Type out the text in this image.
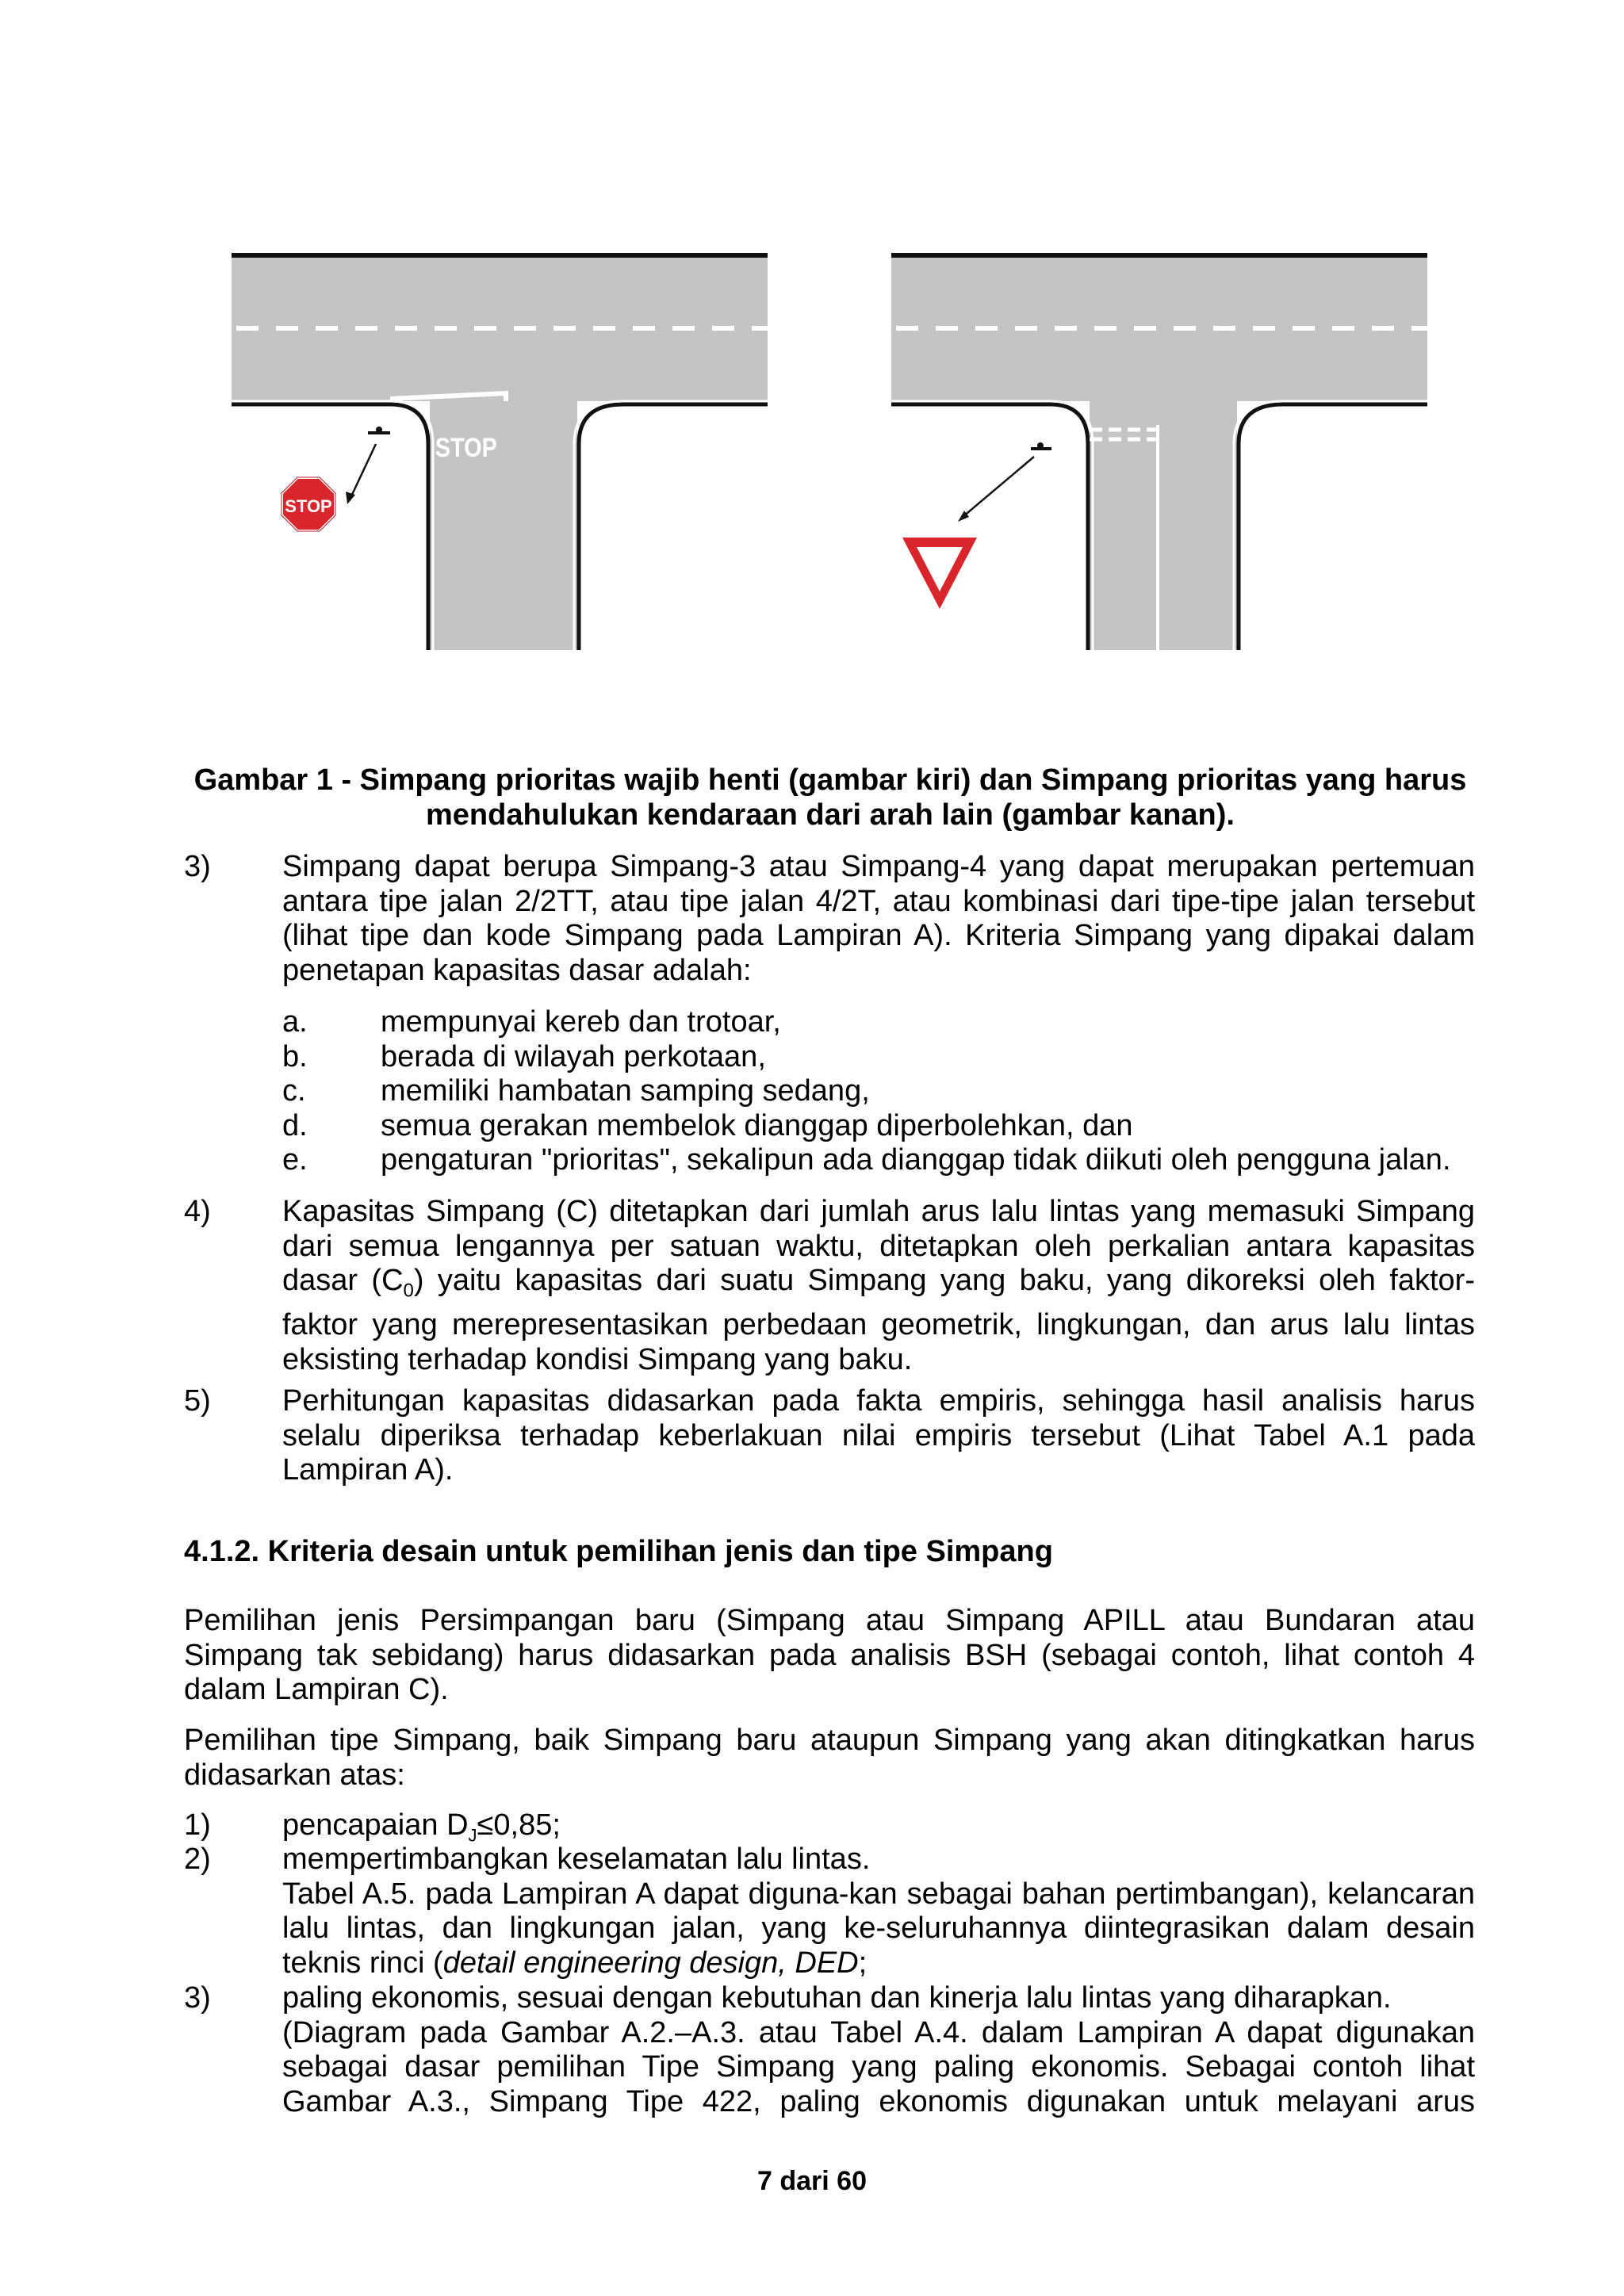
STOP
STOP
Gambar 1 - Simpang prioritas wajib henti (gambar kiri) dan Simpang prioritas yang harus
mendahulukan kendaraan dari arah lain (gambar kanan).
3) Simpang dapat berupa Simpang-3 atau Simpang-4 yang dapat merupakan pertemuan
antara tipe jalan 2/2TT, atau tipe jalan 4/2T, atau kombinasi dari tipe-tipe jalan tersebut
(lihat tipe dan kode Simpang pada Lampiran A). Kriteria Simpang yang dipakai dalam
penetapan kapasitas dasar adalah:
a. mempunyai kereb dan trotoar,
b. berada di wilayah perkotaan,
c. memiliki hambatan samping sedang,
d. semua gerakan membelok dianggap diperbolehkan, dan
e. pengaturan "prioritas", sekalipun ada dianggap tidak diikuti oleh pengguna jalan.
4) Kapasitas Simpang (C) ditetapkan dari jumlah arus lalu lintas yang memasuki Simpang
dari semua lengannya per satuan waktu, ditetapkan oleh perkalian antara kapasitas
dasar $(C_0)$ yaitu kapasitas dari suatu Simpang yang baku, yang dikoreksi oleh faktor-
faktor yang merepresentasikan perbedaan geometrik, lingkungan, dan arus lalu lintas
eksisting terhadap kondisi Simpang yang baku.
5) Perhitungan kapasitas didasarkan pada fakta empiris, sehingga hasil analisis harus
selalu diperiksa terhadap keberlakuan nilai empiris tersebut (Lihat Tabel A.1 pada
Lampiran A).
4.1.2. Kriteria desain untuk pemilihan jenis dan tipe Simpang
Pemilihan jenis Persimpangan baru (Simpang atau Simpang APILL atau Bundaran atau
Simpang tak sebidang) harus didasarkan pada analisis BSH (sebagai contoh, lihat contoh 4
dalam Lampiran C).
Pemilihan tipe Simpang, baik Simpang baru ataupun Simpang yang akan ditingkatkan harus
didasarkan atas:
1) pencapaian $D_J\le 0,85$;
2) mempertimbangkan keselamatan lalu lintas.
Tabel A.5. pada Lampiran A dapat diguna-kan sebagai bahan pertimbangan), kelancaran
lalu lintas, dan lingkungan jalan, yang ke-seluruhannya diintegrasikan dalam desain
teknis rinci (detail engineering design, DED;
3) paling ekonomis, sesuai dengan kebutuhan dan kinerja lalu lintas yang diharapkan.
(Diagram pada Gambar A.2.–A.3. atau Tabel A.4. dalam Lampiran A dapat digunakan
sebagai dasar pemilihan Tipe Simpang yang paling ekonomis. Sebagai contoh lihat
Gambar A.3., Simpang Tipe 422, paling ekonomis digunakan untuk melayani arus
7 dari 60
